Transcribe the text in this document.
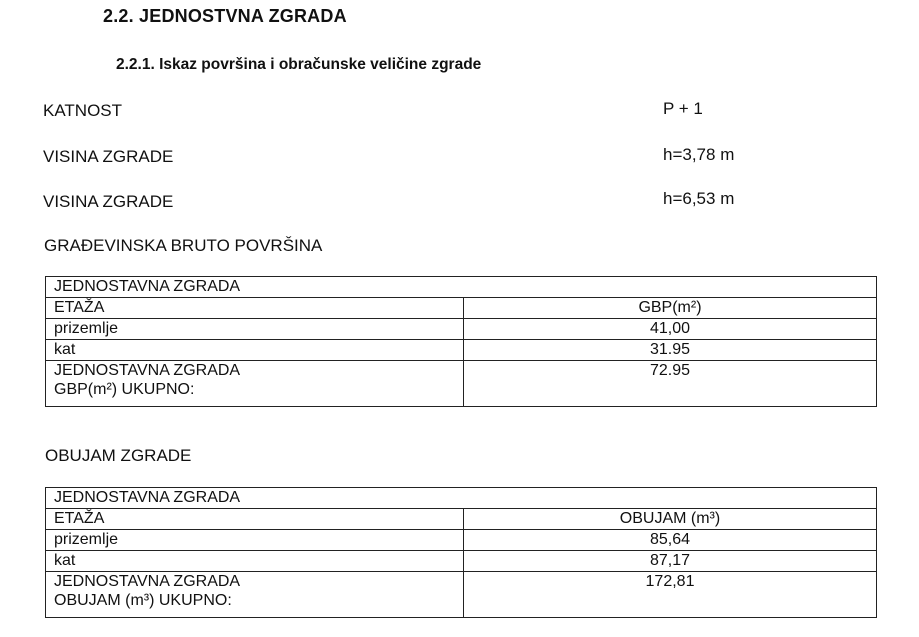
2.2. JEDNOSTVNA ZGRADA
2.2.1. Iskaz površina i obračunske veličine zgrade
KATNOST	P + 1
VISINA ZGRADE	h=3,78 m
VISINA ZGRADE	h=6,53 m
GRAĐEVINSKA BRUTO POVRŠINA
JEDNOSTAVNA ZGRADA	
ETAŽA	GBP(m²)
prizemlje	41,00
kat	31.95

JEDNOSTAVNA ZGRADA
GBP(m²) UKUPNO:	72.95
OBUJAM ZGRADE
JEDNOSTAVNA ZGRADA	
ETAŽA	OBUJAM (m³)
prizemlje	85,64
kat	87,17

JEDNOSTAVNA ZGRADA
OBUJAM (m³) UKUPNO:	172,81
